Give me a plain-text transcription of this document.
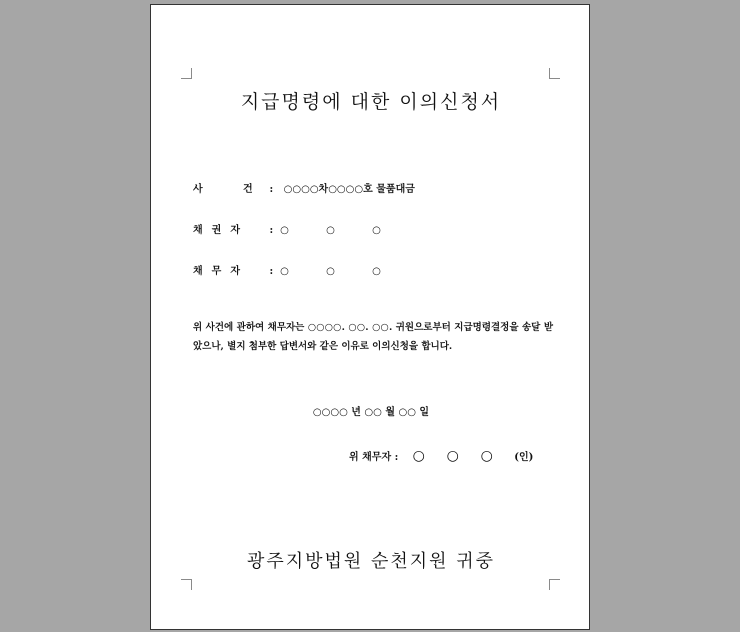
지급명령에 대한 이의신청서
사	건 : ○○○○차○○○○호 물품대금
채권자 : ○	○	○
채무자 : ○	○	○
위 사건에 관하여 채무자는 ○○○○. ○○. ○○. 귀원으로부터 지급명령결정을 송달 받았으나, 별지 첨부한 답변서와 같은 이유로 이의신청을 합니다.
○○○○ 년 ○○ 월 ○○ 일
위 채무자 : ○ ○ ○ (인)
광주지방법원 순천지원 귀중
